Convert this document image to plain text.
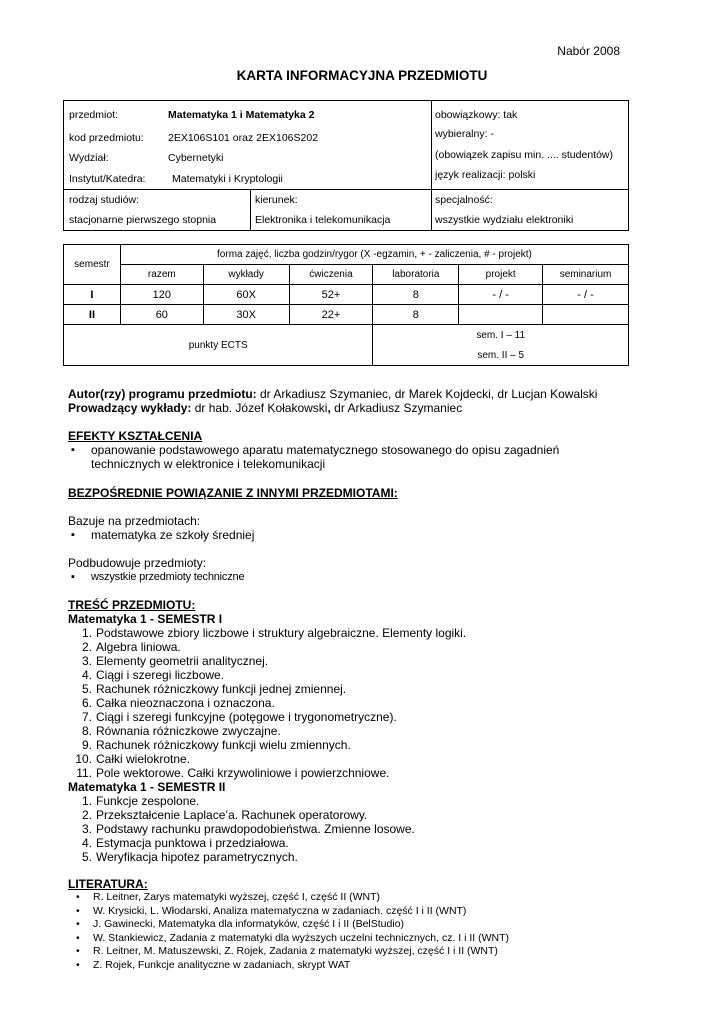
Nabór 2008
KARTA INFORMACYJNA PRZEDMIOTU
przedmiot:	Matematyka 1 i Matematyka 2
kod przedmiotu: 2EX106S101 oraz 2EX106S202
Wydział:	Cybernetyki
Instytut/Katedra:	Matematyki i Kryptologii
obowiązkowy: tak
wybieralny: -
(obowiązek zapisu min. .... studentów)
język realizacji: polski
rodzaj studiów:
stacjonarne pierwszego stopnia
kierunek:
Elektronika i telekomunikacja
specjalność:
wszystkie wydziału elektroniki
semestr	forma zajęć, liczba godzin/rygor (X -egzamin, + - zaliczenia, # - projekt)					
	razem	wykłady	ćwiczenia	laboratoria	projekt	seminarium
I	120	60X	52+	8	- / -	- / -
II	60	30X	22+	8		
punkty ECTS				sem. I – 11		
				sem. II – 5		
Autor(rzy) programu przedmiotu: dr Arkadiusz Szymaniec, dr Marek Kojdecki, dr Lucjan Kowalski
Prowadzący wykłady: dr hab. Józef Kołakowski, dr Arkadiusz Szymaniec
EFEKTY KSZTAŁCENIA
▪ opanowanie podstawowego aparatu matematycznego stosowanego do opisu zagadnień
technicznych w elektronice i telekomunikacji
BEZPOŚREDNIE POWIĄZANIE Z INNYMI PRZEDMIOTAMI:
Bazuje na przedmiotach:
▪ matematyka ze szkoły średniej
Podbudowuje przedmioty:
▪ wszystkie przedmioty techniczne
TREŚĆ PRZEDMIOTU:
Matematyka 1 - SEMESTR I
1. Podstawowe zbiory liczbowe i struktury algebraiczne. Elementy logiki.
2. Algebra liniowa.
3. Elementy geometrii analitycznej.
4. Ciągi i szeregi liczbowe.
5. Rachunek różniczkowy funkcji jednej zmiennej.
6. Całka nieoznaczona i oznaczona.
7. Ciągi i szeregi funkcyjne (potęgowe i trygonometryczne).
8. Równania różniczkowe zwyczajne.
9. Rachunek różniczkowy funkcji wielu zmiennych.
10. Całki wielokrotne.
11. Pole wektorowe. Całki krzywoliniowe i powierzchniowe.
Matematyka 1 - SEMESTR II
1. Funkcje zespolone.
2. Przekształcenie Laplace’a. Rachunek operatorowy.
3. Podstawy rachunku prawdopodobieństwa. Zmienne losowe.
4. Estymacja punktowa i przedziałowa.
5. Weryfikacja hipotez parametrycznych.
LITERATURA:
• R. Leitner, Zarys matematyki wyższej, część I, część II (WNT)
• W. Krysicki, L. Włodarski, Analiza matematyczna w zadaniach. część I i II (WNT)
• J. Gawinecki, Matematyka dla informatyków, część I i II (BelStudio)
• W. Stankiewicz, Zadania z matematyki dla wyższych uczelni technicznych, cz. I i II (WNT)
• R. Leitner, M. Matuszewski, Z. Rojek, Zadania z matematyki wyższej, część I i II (WNT)
• Z. Rojek, Funkcje analityczne w zadaniach, skrypt WAT
